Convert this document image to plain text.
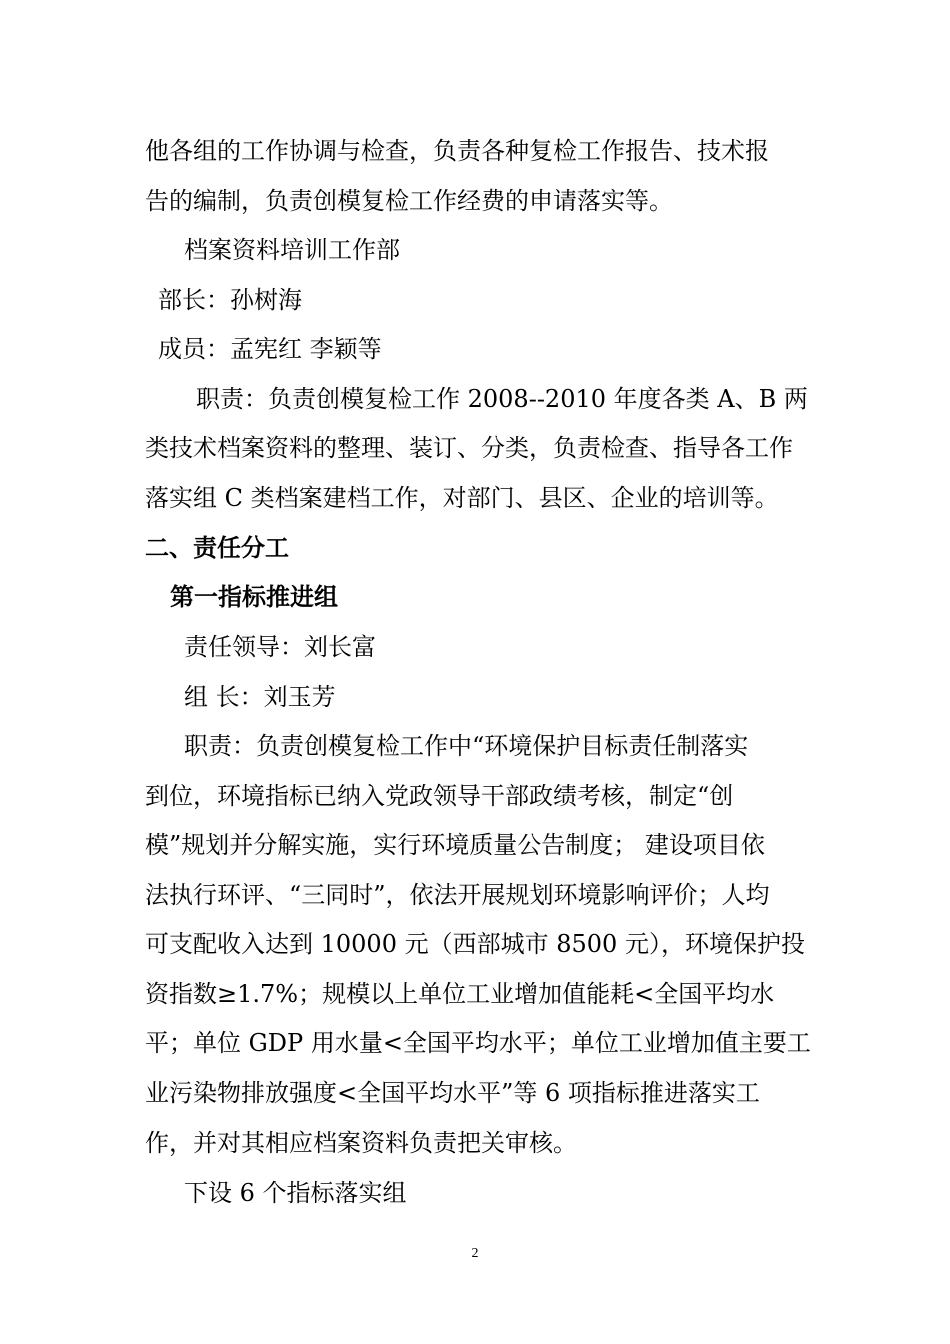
他各组的工作协调与检查，负责各种复检工作报告、技术报

告的编制，负责创模复检工作经费的申请落实等。

档案资料培训工作部

部长：孙树海

成员：孟宪红 李颖等

职责：负责创模复检工作 2008--2010 年度各类 A、B 两

类技术档案资料的整理、装订、分类，负责检查、指导各工作

落实组 C 类档案建档工作，对部门、县区、企业的培训等。

二、责任分工

第一指标推进组

责任领导：刘长富

组 长：刘玉芳

职责：负责创模复检工作中“环境保护目标责任制落实

到位，环境指标已纳入党政领导干部政绩考核，制定“创

模”规划并分解实施，实行环境质量公告制度； 建设项目依

法执行环评、“三同时”，依法开展规划环境影响评价；人均

可支配收入达到 10000 元（西部城市 8500 元），环境保护投

资指数≥1.7%；规模以上单位工业增加值能耗<全国平均水

平；单位 GDP 用水量<全国平均水平；单位工业增加值主要工

业污染物排放强度<全国平均水平”等 6 项指标推进落实工

作，并对其相应档案资料负责把关审核。

下设 6 个指标落实组

2
